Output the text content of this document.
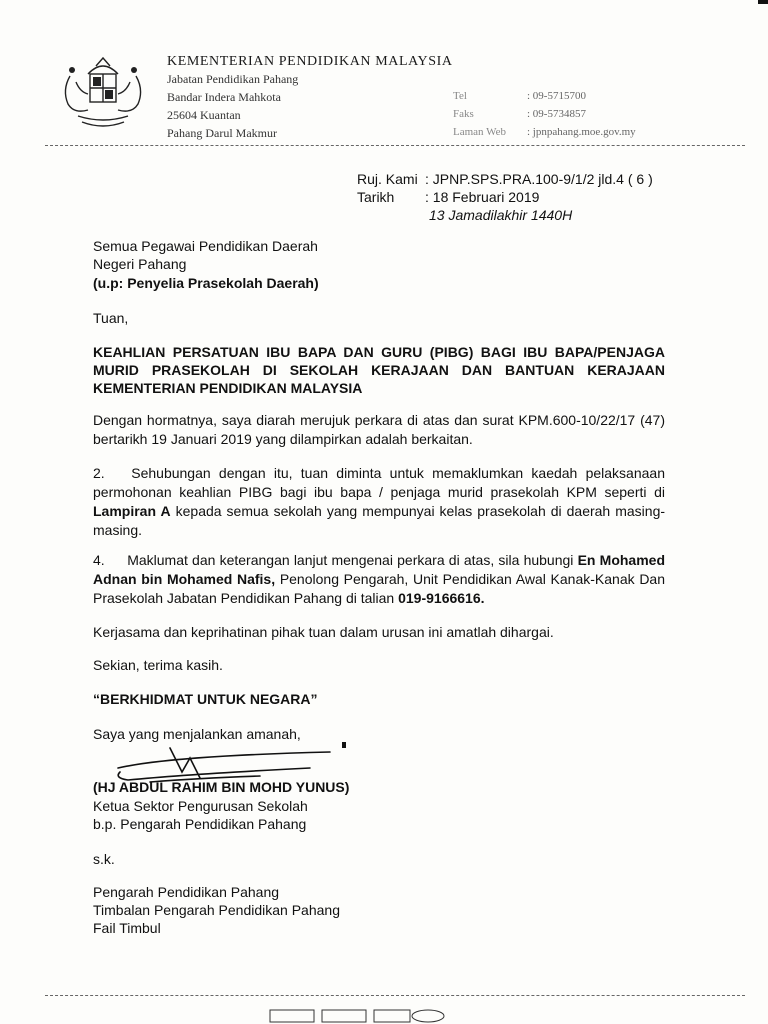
KEMENTERIAN PENDIDIKAN MALAYSIA
Jabatan Pendidikan Pahang
Bandar Indera Mahkota
25604 Kuantan
Pahang Darul Makmur
Tel	: 09-5715700
Faks	: 09-5734857
Laman Web : jpnpahang.moe.gov.my
Ruj. Kami : JPNP.SPS.PRA.100-9/1/2 jld.4 ( 6 )
Tarikh : 18 Februari 2019
13 Jamadilakhir 1440H
Semua Pegawai Pendidikan Daerah
Negeri Pahang
(u.p: Penyelia Prasekolah Daerah)
Tuan,
KEAHLIAN PERSATUAN IBU BAPA DAN GURU (PIBG) BAGI IBU BAPA/PENJAGA MURID PRASEKOLAH DI SEKOLAH KERAJAAN DAN BANTUAN KERAJAAN KEMENTERIAN PENDIDIKAN MALAYSIA
Dengan hormatnya, saya diarah merujuk perkara di atas dan surat KPM.600-10/22/17 (47) bertarikh 19 Januari 2019 yang dilampirkan adalah berkaitan.
2. Sehubungan dengan itu, tuan diminta untuk memaklumkan kaedah pelaksanaan permohonan keahlian PIBG bagi ibu bapa / penjaga murid prasekolah KPM seperti di Lampiran A kepada semua sekolah yang mempunyai kelas prasekolah di daerah masing-masing.
4. Maklumat dan keterangan lanjut mengenai perkara di atas, sila hubungi En Mohamed Adnan bin Mohamed Nafis, Penolong Pengarah, Unit Pendidikan Awal Kanak-Kanak Dan Prasekolah Jabatan Pendidikan Pahang di talian 019-9166616.
Kerjasama dan keprihatinan pihak tuan dalam urusan ini amatlah dihargai.
Sekian, terima kasih.
“BERKHIDMAT UNTUK NEGARA”
Saya yang menjalankan amanah,
(HJ ABDUL RAHIM BIN MOHD YUNUS)
Ketua Sektor Pengurusan Sekolah
b.p. Pengarah Pendidikan Pahang
s.k.
Pengarah Pendidikan Pahang
Timbalan Pengarah Pendidikan Pahang
Fail Timbul
